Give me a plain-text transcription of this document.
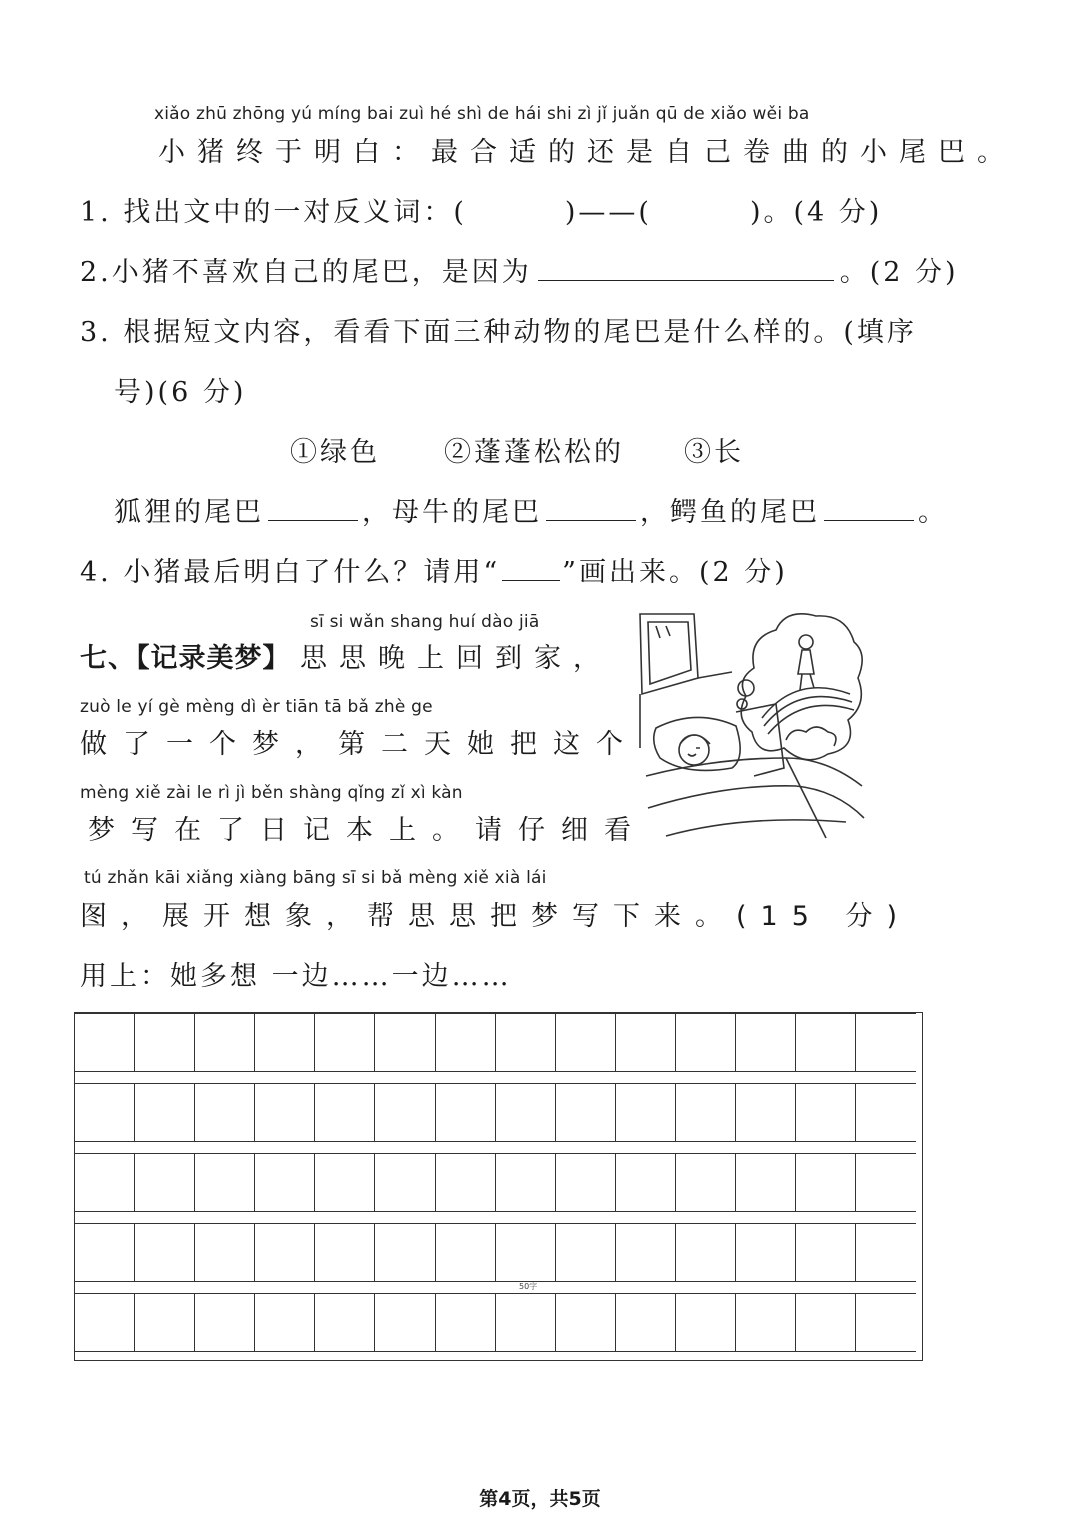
xiǎo zhū zhōng yú míng bai zuì hé shì de hái shi zì jǐ juǎn qū de xiǎo wěi ba
小猪终于明白：最合适的还是自己卷曲的小尾巴。
1. 找出文中的一对反义词：(	)——(	)。(4 分)
2.小猪不喜欢自己的尾巴，是因为	。(2 分)
3. 根据短文内容，看看下面三种动物的尾巴是什么样的。(填序
号)(6 分)
①绿色 ②蓬蓬松松的 ③长
狐狸的尾巴	，母牛的尾巴	，鳄鱼的尾巴	。
4. 小猪最后明白了什么？请用“ ”画出来。(2 分)
sī si wǎn shang huí dào jiā
七、【记录美梦】 思思晚上回到家，
zuò le yí gè mèng dì èr tiān tā bǎ zhè ge
做了一个梦，第二天她把这个
mèng xiě zài le rì jì běn shàng qǐng zǐ xì kàn
梦写在了日记本上。请仔细看
tú zhǎn kāi xiǎng xiàng bāng sī si bǎ mèng xiě xià lái
图，展开想象，帮思思把梦写下来。(15 分)
用上：她多想 一边……一边……
50字
第4页，共5页
